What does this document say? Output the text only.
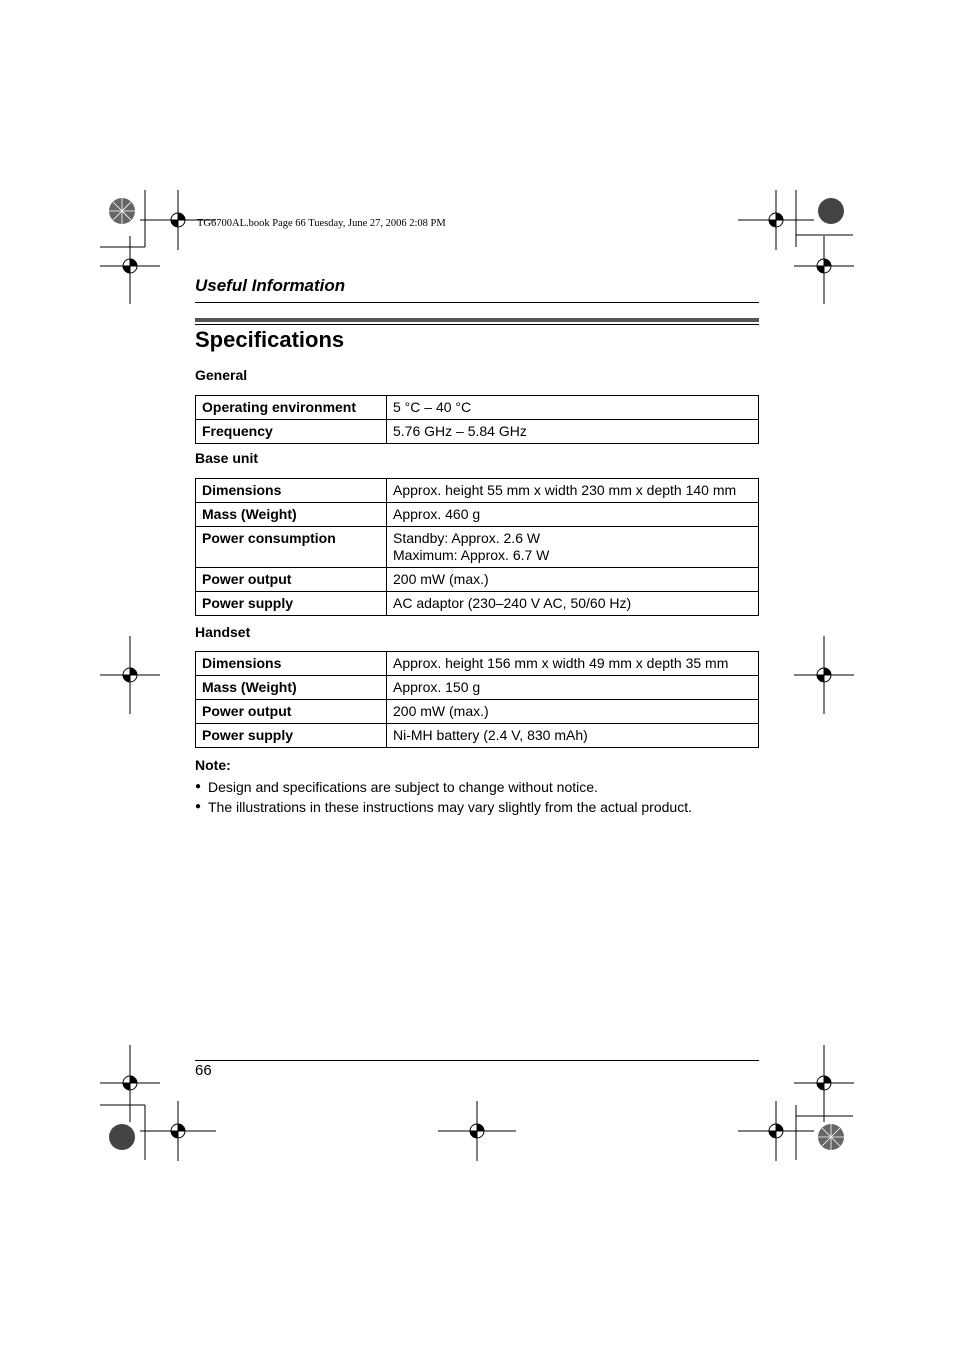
TG6700AL.book Page 66 Tuesday, June 27, 2006 2:08 PM
Useful Information
Specifications
General
Operating environment	5 °C – 40 °C
Frequency	5.76 GHz – 5.84 GHz
Base unit
Dimensions	Approx. height 55 mm x width 230 mm x depth 140 mm
Mass (Weight)	Approx. 460 g
Power consumption	Standby: Approx. 2.6 W
Maximum: Approx. 6.7 W

Power output	200 mW (max.)
Power supply	AC adaptor (230–240 V AC, 50/60 Hz)
Handset
Dimensions	Approx. height 156 mm x width 49 mm x depth 35 mm
Mass (Weight)	Approx. 150 g
Power output	200 mW (max.)
Power supply	Ni-MH battery (2.4 V, 830 mAh)
Note:
● Design and specifications are subject to change without notice.
● The illustrations in these instructions may vary slightly from the actual product.
66
